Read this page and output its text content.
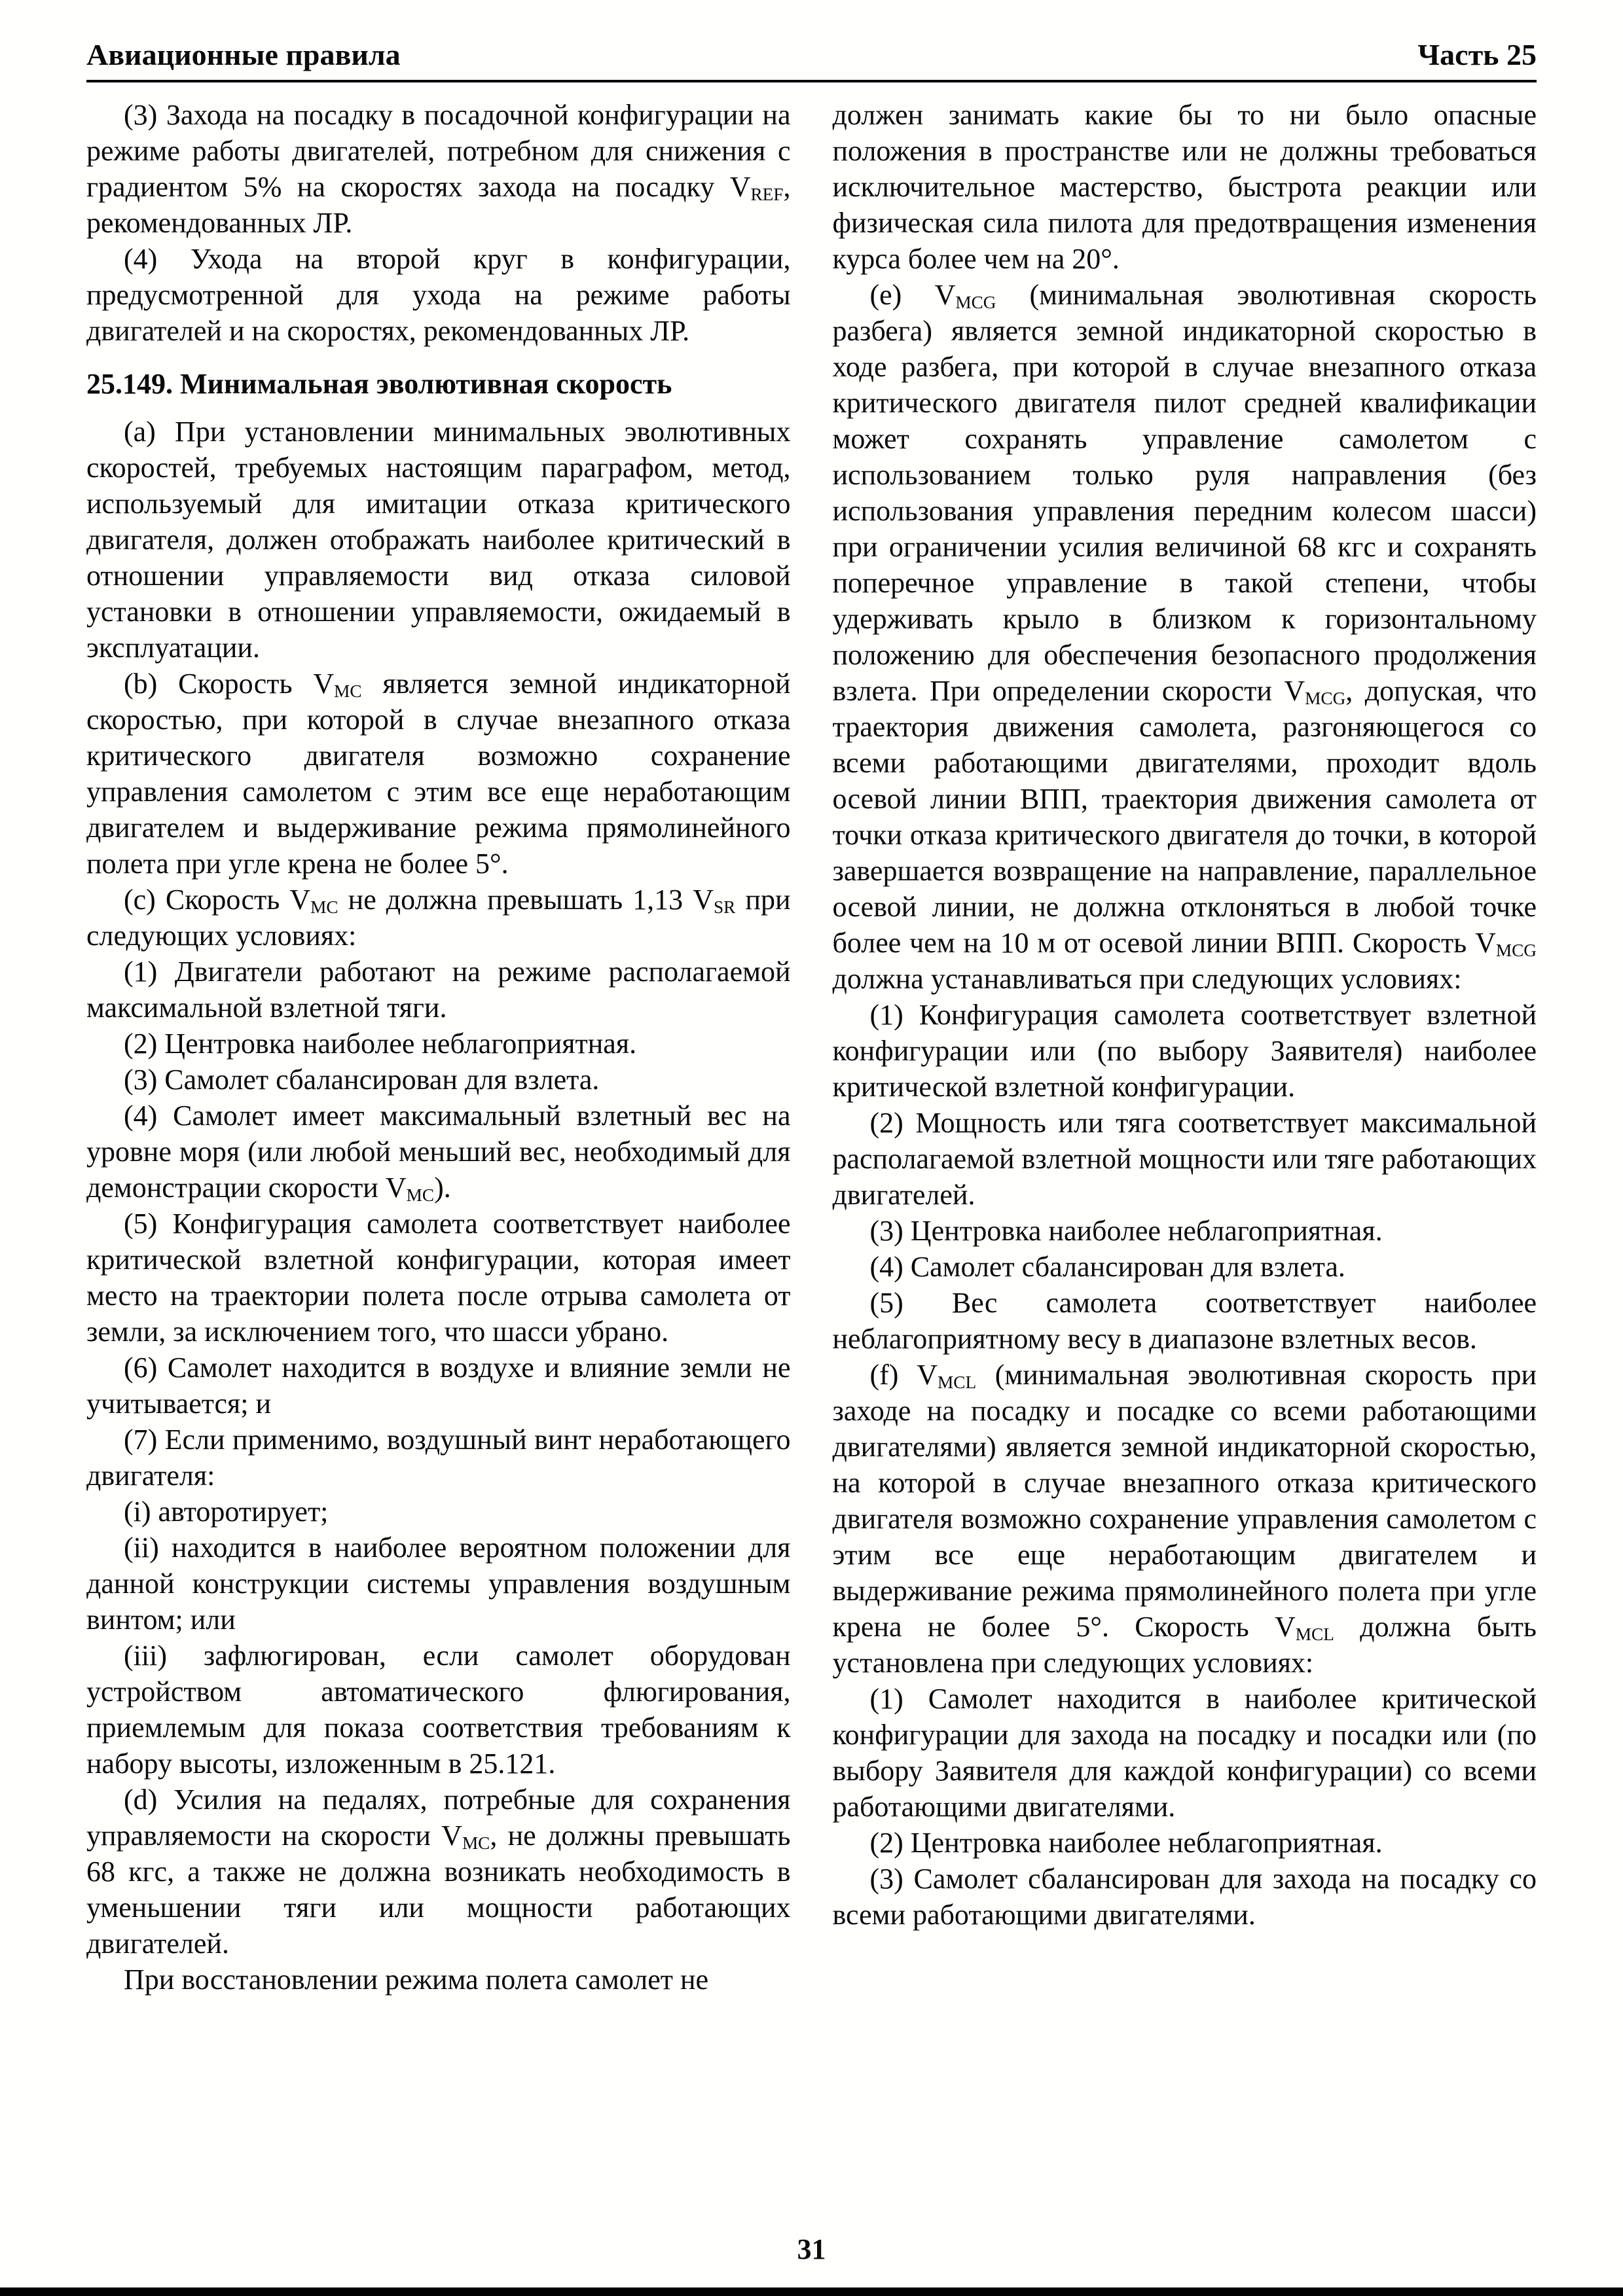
Авиационные правила	Часть 25

(3) Захода на посадку в посадочной конфигурации на режиме работы двигателей, потребном для снижения с градиентом 5% на скоростях захода на посадку $V_{REF}$, рекомендованных ЛР.

(4) Ухода на второй круг в конфигурации, предусмотренной для ухода на режиме работы двигателей и на скоростях, рекомендованных ЛР.

25.149. Минимальная эволютивная скорость

(a) При установлении минимальных эволютивных скоростей, требуемых настоящим параграфом, метод, используемый для имитации отказа критического двигателя, должен отображать наиболее критический в отношении управляемости вид отказа силовой установки в отношении управляемости, ожидаемый в эксплуатации.

(b) Скорость $V_{MC}$ является земной индикаторной скоростью, при которой в случае внезапного отказа критического двигателя возможно сохранение управления самолетом с этим все еще неработающим двигателем и выдерживание режима прямолинейного полета при угле крена не более 5°.

(c) Скорость $V_{MC}$ не должна превышать 1,13 $V_{SR}$ при следующих условиях:

(1) Двигатели работают на режиме располагаемой максимальной взлетной тяги.

(2) Центровка наиболее неблагоприятная.

(3) Самолет сбалансирован для взлета.

(4) Самолет имеет максимальный взлетный вес на уровне моря (или любой меньший вес, необходимый для демонстрации скорости $V_{MC}$).

(5) Конфигурация самолета соответствует наиболее критической взлетной конфигурации, которая имеет место на траектории полета после отрыва самолета от земли, за исключением того, что шасси убрано.

(6) Самолет находится в воздухе и влияние земли не учитывается; и

(7) Если применимо, воздушный винт неработающего двигателя:

(i) авторотирует;

(ii) находится в наиболее вероятном положении для данной конструкции системы управления воздушным винтом; или

(iii) зафлюгирован, если самолет оборудован устройством автоматического флюгирования, приемлемым для показа соответствия требованиям к набору высоты, изложенным в 25.121.

(d) Усилия на педалях, потребные для сохранения управляемости на скорости $V_{MC}$, не должны превышать 68 кгс, а также не должна возникать необходимость в уменьшении тяги или мощности работающих двигателей.

При восстановлении режима полета самолет не

должен занимать какие бы то ни было опасные положения в пространстве или не должны требоваться исключительное мастерство, быстрота реакции или физическая сила пилота для предотвращения изменения курса более чем на 20°.

(e) $V_{MCG}$ (минимальная эволютивная скорость разбега) является земной индикаторной скоростью в ходе разбега, при которой в случае внезапного отказа критического двигателя пилот средней квалификации может сохранять управление самолетом с использованием только руля направления (без использования управления передним колесом шасси) при ограничении усилия величиной 68 кгс и сохранять поперечное управление в такой степени, чтобы удерживать крыло в близком к горизонтальному положению для обеспечения безопасного продолжения взлета. При определении скорости $V_{MCG}$, допуская, что траектория движения самолета, разгоняющегося со всеми работающими двигателями, проходит вдоль осевой линии ВПП, траектория движения самолета от точки отказа критического двигателя до точки, в которой завершается возвращение на направление, параллельное осевой линии, не должна отклоняться в любой точке более чем на 10 м от осевой линии ВПП. Скорость $V_{MCG}$ должна устанавливаться при следующих условиях:

(1) Конфигурация самолета соответствует взлетной конфигурации или (по выбору Заявителя) наиболее критической взлетной конфигурации.

(2) Мощность или тяга соответствует максимальной располагаемой взлетной мощности или тяге работающих двигателей.

(3) Центровка наиболее неблагоприятная.

(4) Самолет сбалансирован для взлета.

(5) Вес самолета соответствует наиболее неблагоприятному весу в диапазоне взлетных весов.

(f) $V_{MCL}$ (минимальная эволютивная скорость при заходе на посадку и посадке со всеми работающими двигателями) является земной индикаторной скоростью, на которой в случае внезапного отказа критического двигателя возможно сохранение управления самолетом с этим все еще неработающим двигателем и выдерживание режима прямолинейного полета при угле крена не более 5°. Скорость $V_{MCL}$ должна быть установлена при следующих условиях:

(1) Самолет находится в наиболее критической конфигурации для захода на посадку и посадки или (по выбору Заявителя для каждой конфигурации) со всеми работающими двигателями.

(2) Центровка наиболее неблагоприятная.

(3) Самолет сбалансирован для захода на посадку со всеми работающими двигателями.

31
